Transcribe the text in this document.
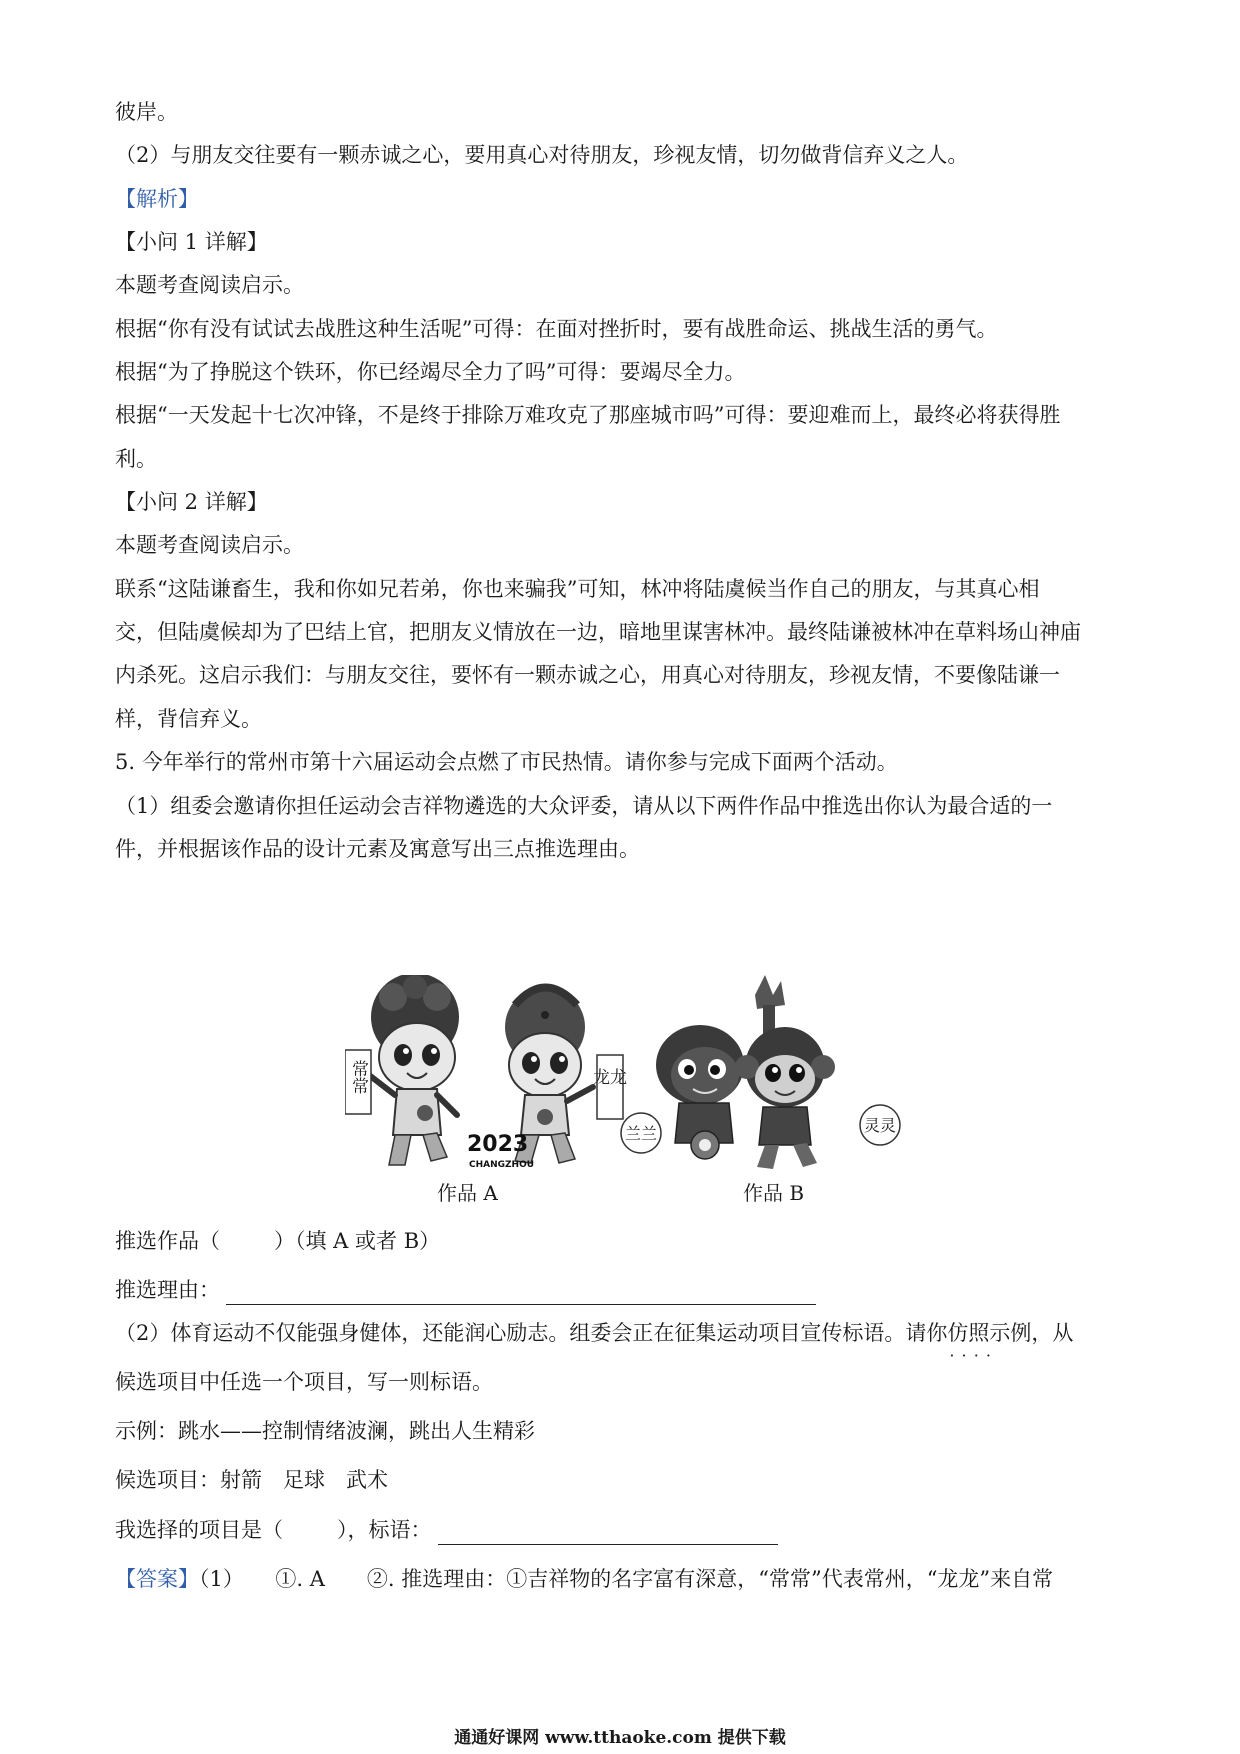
彼岸。
（2）与朋友交往要有一颗赤诚之心，要用真心对待朋友，珍视友情，切勿做背信弃义之人。
【解析】
【小问 1 详解】
本题考查阅读启示。
根据“你有没有试试去战胜这种生活呢”可得：在面对挫折时，要有战胜命运、挑战生活的勇气。
根据“为了挣脱这个铁环，你已经竭尽全力了吗”可得：要竭尽全力。
根据“一天发起十七次冲锋，不是终于排除万难攻克了那座城市吗”可得：要迎难而上，最终必将获得胜
利。
【小问 2 详解】
本题考查阅读启示。
联系“这陆谦畜生，我和你如兄若弟，你也来骗我”可知，林冲将陆虞候当作自己的朋友，与其真心相
交，但陆虞候却为了巴结上官，把朋友义情放在一边，暗地里谋害林冲。最终陆谦被林冲在草料场山神庙
内杀死。这启示我们：与朋友交往，要怀有一颗赤诚之心，用真心对待朋友，珍视友情，不要像陆谦一
样，背信弃义。
5. 今年举行的常州市第十六届运动会点燃了市民热情。请你参与完成下面两个活动。
（1）组委会邀请你担任运动会吉祥物遴选的大众评委，请从以下两件作品中推选出你认为最合适的一
件，并根据该作品的设计元素及寓意写出三点推选理由。
常常	龙龙
2023
CHANGZHOU
兰兰	灵灵
作品 A	作品 B
推选作品（	）（填 A 或者 B）
推选理由：
（2）体育运动不仅能强身健体，还能润心励志。组委会正在征集运动项目宣传标语。请你仿照示例 · · · ·，从
候选项目中任选一个项目，写一则标语。
示例：跳水——控制情绪波澜，跳出人生精彩
候选项目：射箭　足球　武术
我选择的项目是（	），标语：
【答案】（1）　　①. A　　②. 推选理由：①吉祥物的名字富有深意，“常常”代表常州，“龙龙”来自常
通通好课网 www.tthaoke.com 提供下载
